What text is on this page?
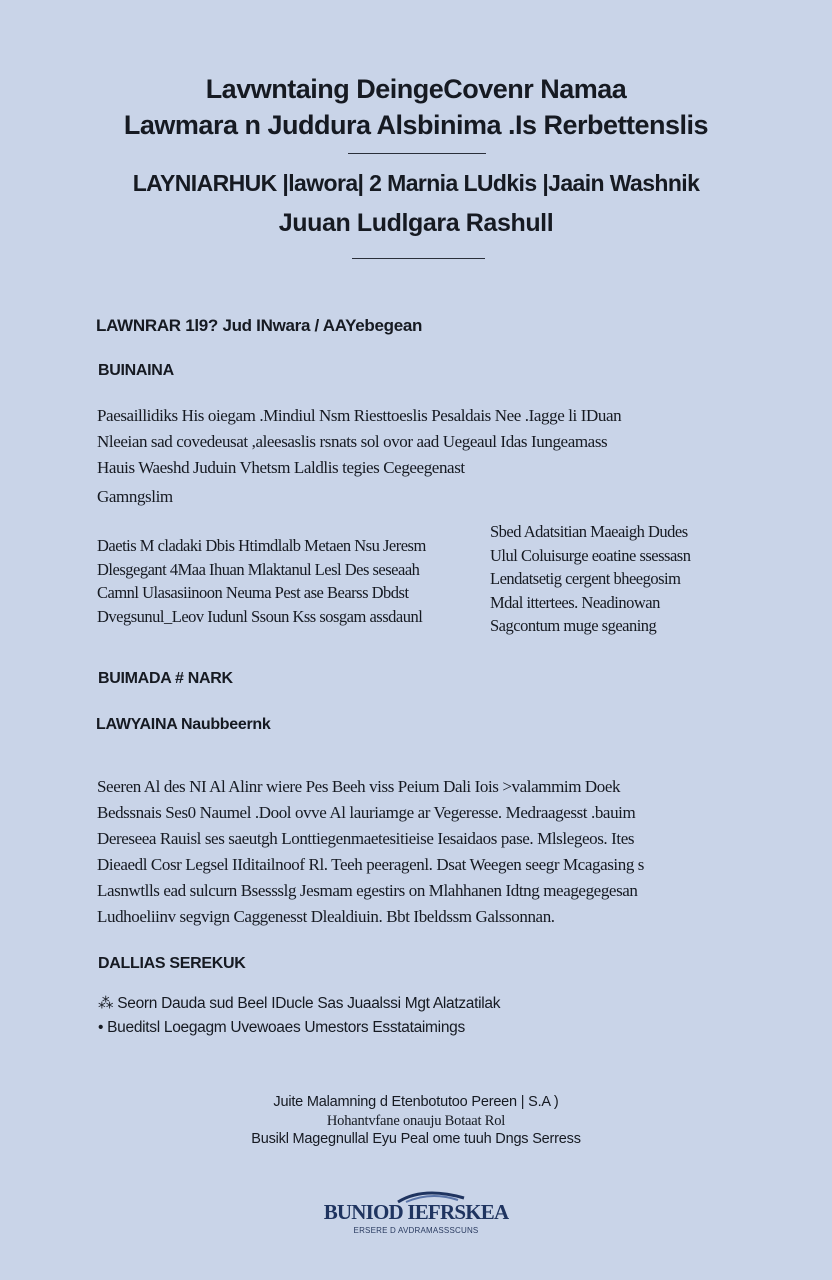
Lavwntaing DeingeCovenr Namaa
Lawmara n Juddura Alsbinima .Is Rerbettenslis
LAYNIARHUK |lawora| 2 Marnia LUdkis |Jaain Washnik
Juuan Ludlgara Rashull
LAWNRAR 1l9? Jud INwara / AAYebegean
BUINAINA
Paesaillidiks His oiegam .Mindiul Nsm Riesttoeslis Pesaldais Nee .Iagge li IDuan
Nleeian sad covedeusat ,aleesaslis rsnats sol ovor aad Uegeaul Idas Iungeamass
Hauis Waeshd Juduin Vhetsm Laldlis tegies Cegeegenast
Gamngslim
Daetis M cladaki Dbis Htimdlalb Metaen Nsu Jeresm
Dlesgegant 4Maa Ihuan Mlaktanul Lesl Des seseaah
Camnl Ulasasiinoon Neuma Pest ase Bearss Dbdst
Dvegsunul_Leov Iudunl Ssoun Kss sosgam assdaunl
Sbed Adatsitian Maeaigh Dudes
Ulul Coluisurge eoatine ssessasn
Lendatsetig cergent bheegosim
Mdal ittertees. Neadinowan
Sagcontum muge sgeaning
BUIMADA # NARK
LAWYAINA Naubbeernk
Seeren Al des NI Al Alinr wiere Pes Beeh viss Peium Dali Iois >valammim Doek
Bedssnais Ses0 Naumel .Dool ovve Al lauriamge ar Vegeresse. Medraagesst .bauim
Dereseea Rauisl ses saeutgh Lonttiegenmaetesitieise Iesaidaos pase. Mlslegeos. Ites
Dieaedl Cosr Legsel IIditailnoof Rl. Teeh peeragenl. Dsat Weegen seegr Mcagasing s
Lasnwtlls ead sulcurn Bsessslg Jesmam egestirs on Mlahhanen Idtng meagegegesan
Ludhoeliinv segvign Caggenesst Dlealdiuin. Bbt Ibeldssm Galssonnan.
DALLIAS SEREKUK
⁂ Seorn Dauda sud Beel IDucle Sas Juaalssi Mgt Alatzatilak
• Bueditsl Loegagm Uvewoaes Umestors Esstataimings
Juite Malamning d Etenbotutoo Pereen | S.A )
Hohantvfane onauju Botaat Rol
Busikl Magegnullal Eyu Peal ome tuuh Dngs Serress
BUNIOD IEFRSKEA
ERSERE D AVDRAMASSSCUNS
